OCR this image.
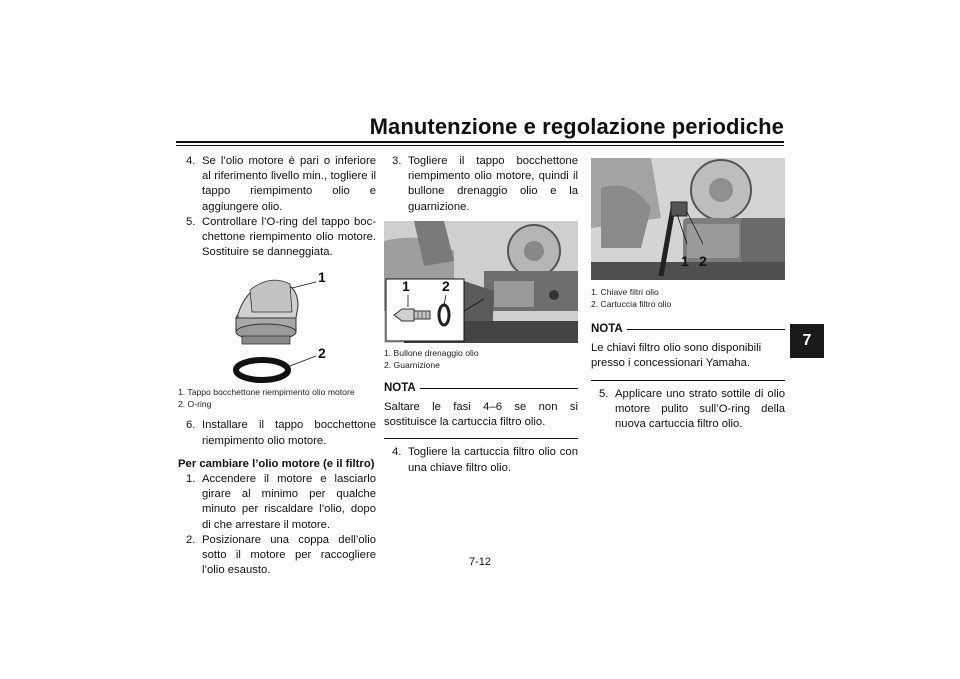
Manutenzione e regolazione periodiche
7

4. Se l’olio motore è pari o inferiore al riferimento livello min., togliere il tappo riempimento olio e aggiungere olio.

5. Controllare l’O-ring del tappo bocchettone riempimento olio motore. Sostituire se danneggiata.

1
2
1. Tappo bocchettone riempimento olio motore
2. O-ring

6. Installare il tappo bocchettone riempimento olio motore.

Per cambiare l’olio motore (e il filtro)

1. Accendere il motore e lasciarlo girare al minimo per qualche minuto per riscaldare l’olio, dopo di che arrestare il motore.

2. Posizionare una coppa dell’olio sotto il motore per raccogliere l’olio esausto.

3. Togliere il tappo bocchettone riempimento olio motore, quindi il bullone drenaggio olio e la guarnizione.

1 2
1. Bullone drenaggio olio
2. Guarnizione
NOTA

Saltare le fasi 4–6 se non si sostituisce la cartuccia filtro olio.

4. Togliere la cartuccia filtro olio con una chiave filtro olio.

1 2
1. Chiave filtri olio
2. Cartuccia filtro olio
NOTA

Le chiavi filtro olio sono disponibili presso i concessionari Yamaha.

5. Applicare uno strato sottile di olio motore pulito sull’O-ring della nuova cartuccia filtro olio.

7-12
